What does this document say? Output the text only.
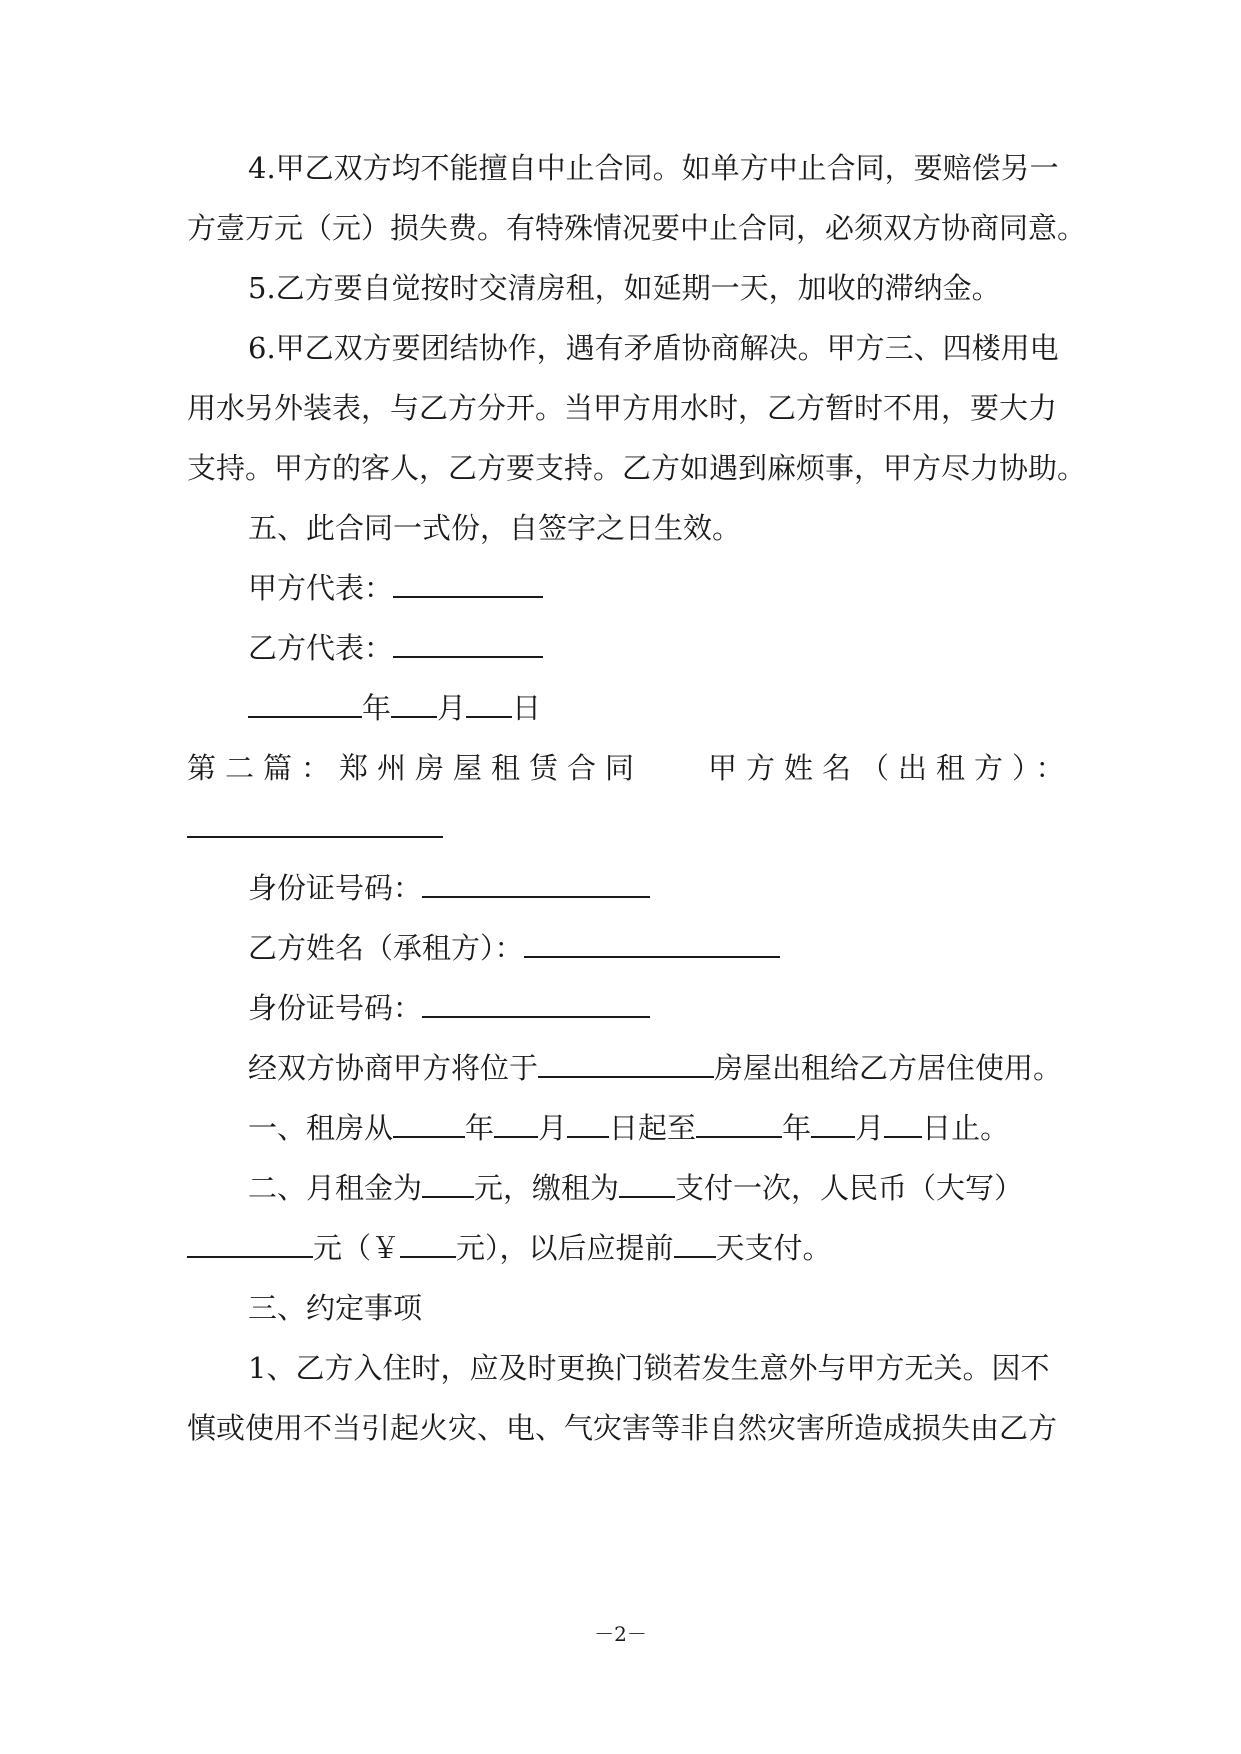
4.甲乙双方均不能擅自中止合同。如单方中止合同，要赔偿另一
方壹万元（元）损失费。有特殊情况要中止合同，必须双方协商同意。
5.乙方要自觉按时交清房租，如延期一天，加收的滞纳金。
6.甲乙双方要团结协作，遇有矛盾协商解决。甲方三、四楼用电
用水另外装表，与乙方分开。当甲方用水时，乙方暂时不用，要大力
支持。甲方的客人，乙方要支持。乙方如遇到麻烦事，甲方尽力协助。
五、此合同一式份，自签字之日生效。
甲方代表：
乙方代表：
年 月 日
第二篇：郑州房屋租赁合同	甲方姓名（出租方）：
身份证号码：
乙方姓名（承租方）：
身份证号码：
经双方协商甲方将位于	房屋出租给乙方居住使用。
一、租房从 年 月 日起至	年 月 日止。
二、月租金为 元，缴租为 支付一次，人民币（大写）
元（￥ 元），以后应提前 天支付。
三、约定事项
1、乙方入住时，应及时更换门锁若发生意外与甲方无关。因不
慎或使用不当引起火灾、电、气灾害等非自然灾害所造成损失由乙方
－2－
